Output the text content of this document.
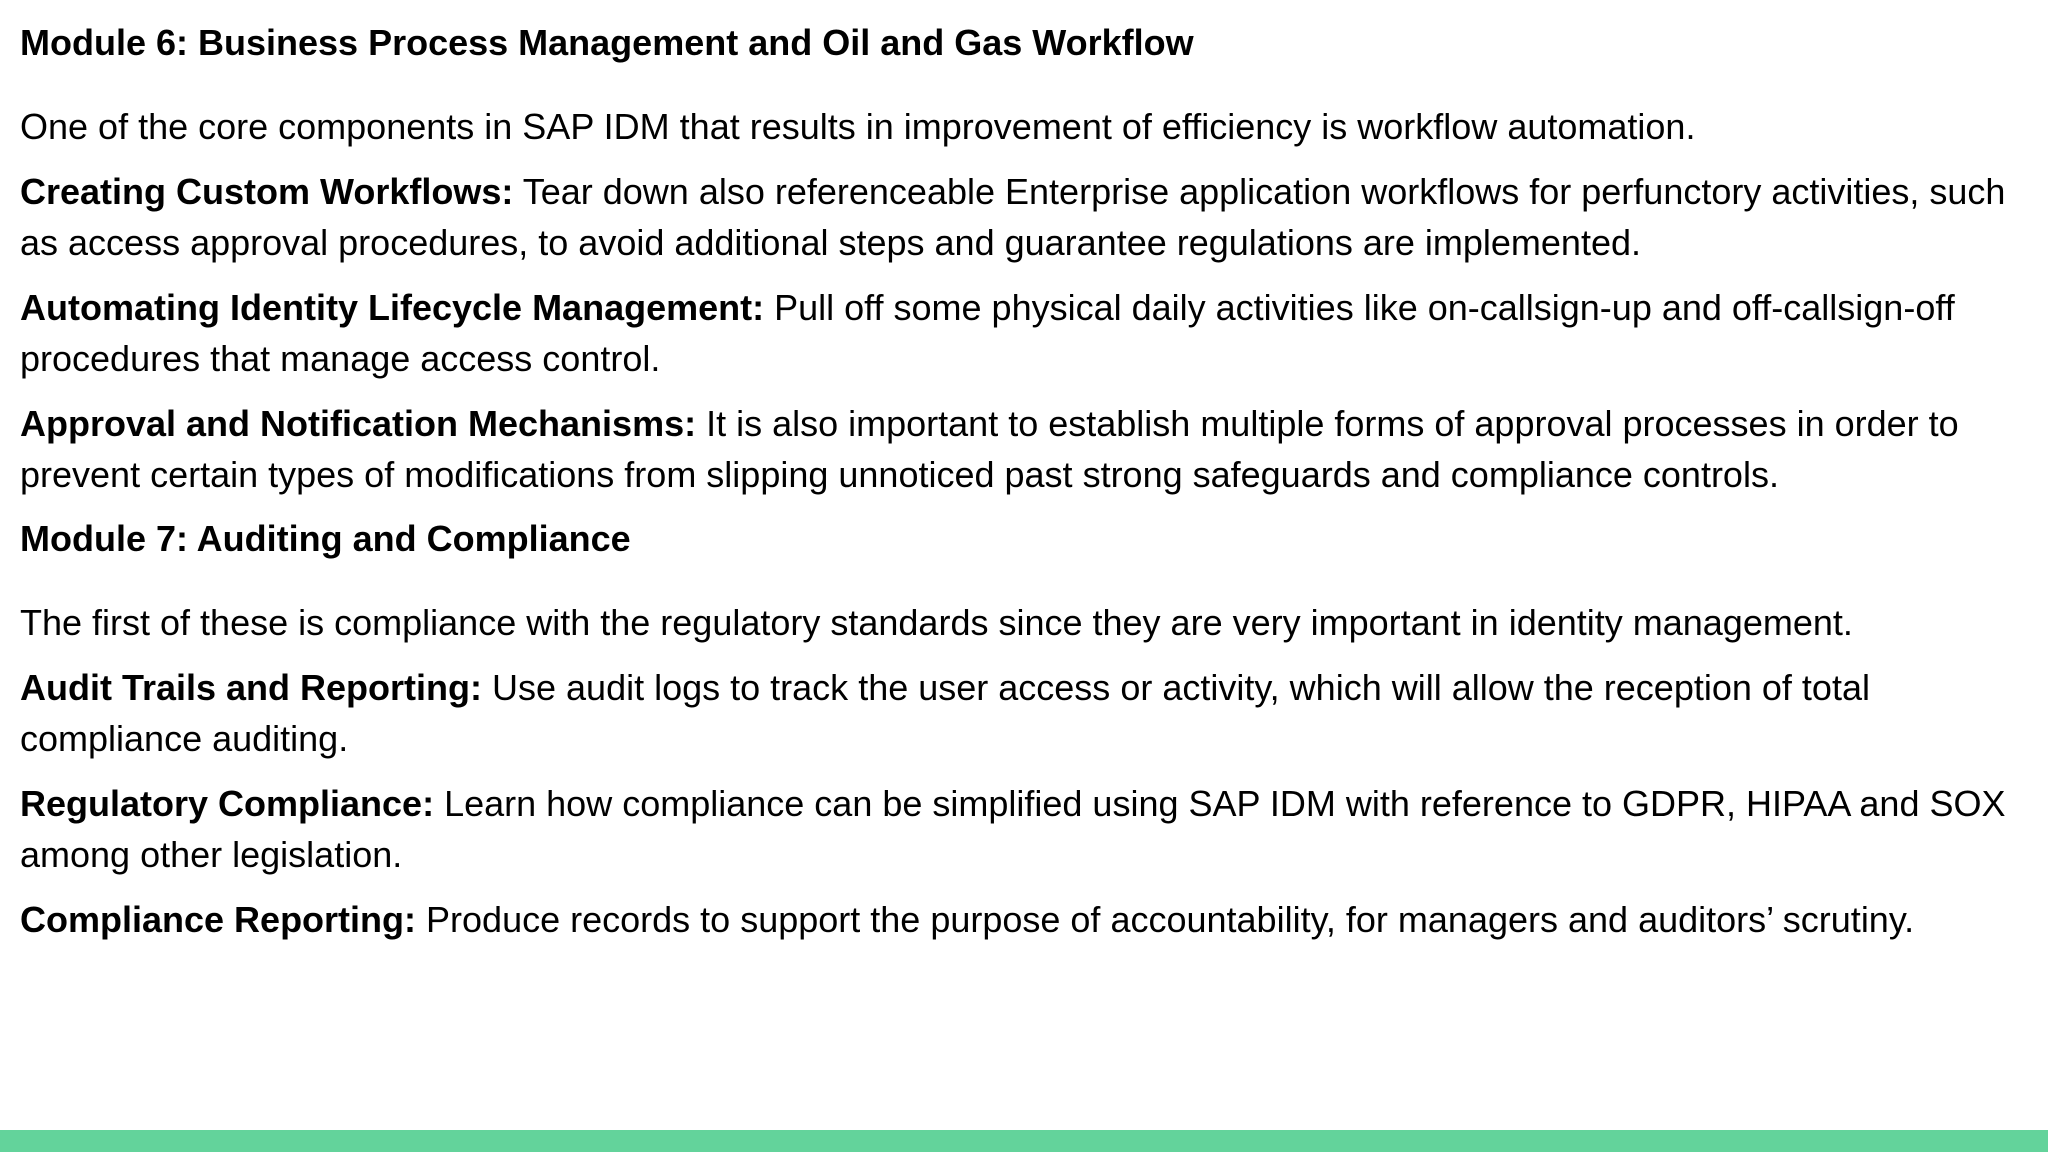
Module 6: Business Process Management and Oil and Gas Workflow

One of the core components in SAP IDM that results in improvement of efficiency is workflow automation.

Creating Custom Workflows: Tear down also referenceable Enterprise application workflows for perfunctory activities, such as access approval procedures, to avoid additional steps and guarantee regulations are implemented.

Automating Identity Lifecycle Management: Pull off some physical daily activities like on-callsign-up and off-callsign-off procedures that manage access control.

Approval and Notification Mechanisms: It is also important to establish multiple forms of approval processes in order to prevent certain types of modifications from slipping unnoticed past strong safeguards and compliance controls.

Module 7: Auditing and Compliance

The first of these is compliance with the regulatory standards since they are very important in identity management.

Audit Trails and Reporting: Use audit logs to track the user access or activity, which will allow the reception of total compliance auditing.

Regulatory Compliance: Learn how compliance can be simplified using SAP IDM with reference to GDPR, HIPAA and SOX among other legislation.

Compliance Reporting: Produce records to support the purpose of accountability, for managers and auditors’ scrutiny.
